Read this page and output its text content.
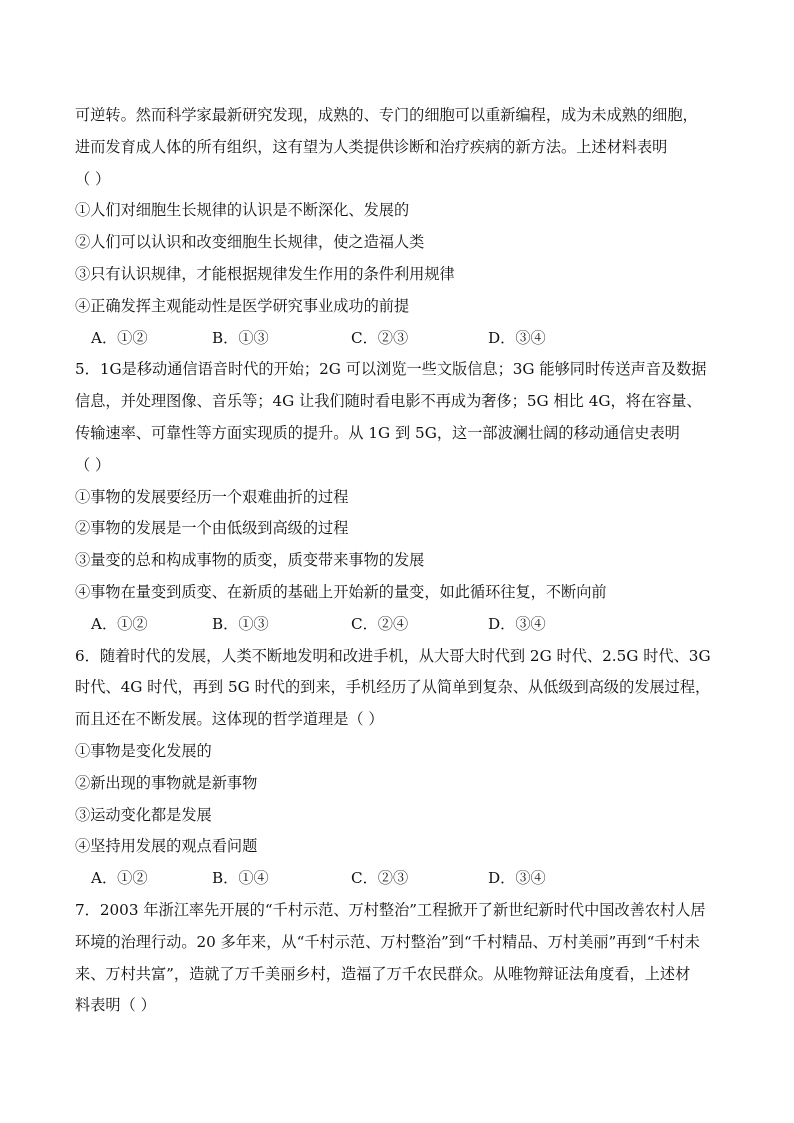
可逆转。然而科学家最新研究发现，成熟的、专门的细胞可以重新编程，成为未成熟的细胞，
进而发育成人体的所有组织，这有望为人类提供诊断和治疗疾病的新方法。上述材料表明
（ ）
①人们对细胞生长规律的认识是不断深化、发展的
②人们可以认识和改变细胞生长规律，使之造福人类
③只有认识规律，才能根据规律发生作用的条件利用规律
④正确发挥主观能动性是医学研究事业成功的前提
A．①②	B．①③	C．②③	D．③④
5．1G是移动通信语音时代的开始；2G 可以浏览一些文版信息；3G 能够同时传送声音及数据
信息，并处理图像、音乐等；4G 让我们随时看电影不再成为奢侈；5G 相比 4G，将在容量、
传输速率、可靠性等方面实现质的提升。从 1G 到 5G，这一部波澜壮阔的移动通信史表明
（ ）
①事物的发展要经历一个艰难曲折的过程
②事物的发展是一个由低级到高级的过程
③量变的总和构成事物的质变，质变带来事物的发展
④事物在量变到质变、在新质的基础上开始新的量变，如此循环往复，不断向前
A．①②	B．①③	C．②④	D．③④
6．随着时代的发展，人类不断地发明和改进手机，从大哥大时代到 2G 时代、2.5G 时代、3G
时代、4G 时代，再到 5G 时代的到来，手机经历了从简单到复杂、从低级到高级的发展过程，
而且还在不断发展。这体现的哲学道理是（ ）
①事物是变化发展的
②新出现的事物就是新事物
③运动变化都是发展
④坚持用发展的观点看问题
A．①②	B．①④	C．②③	D．③④
7．2003 年浙江率先开展的“千村示范、万村整治”工程掀开了新世纪新时代中国改善农村人居
环境的治理行动。20 多年来，从“千村示范、万村整治”到“千村精品、万村美丽”再到“千村未
来、万村共富”，造就了万千美丽乡村，造福了万千农民群众。从唯物辩证法角度看，上述材
料表明（ ）
